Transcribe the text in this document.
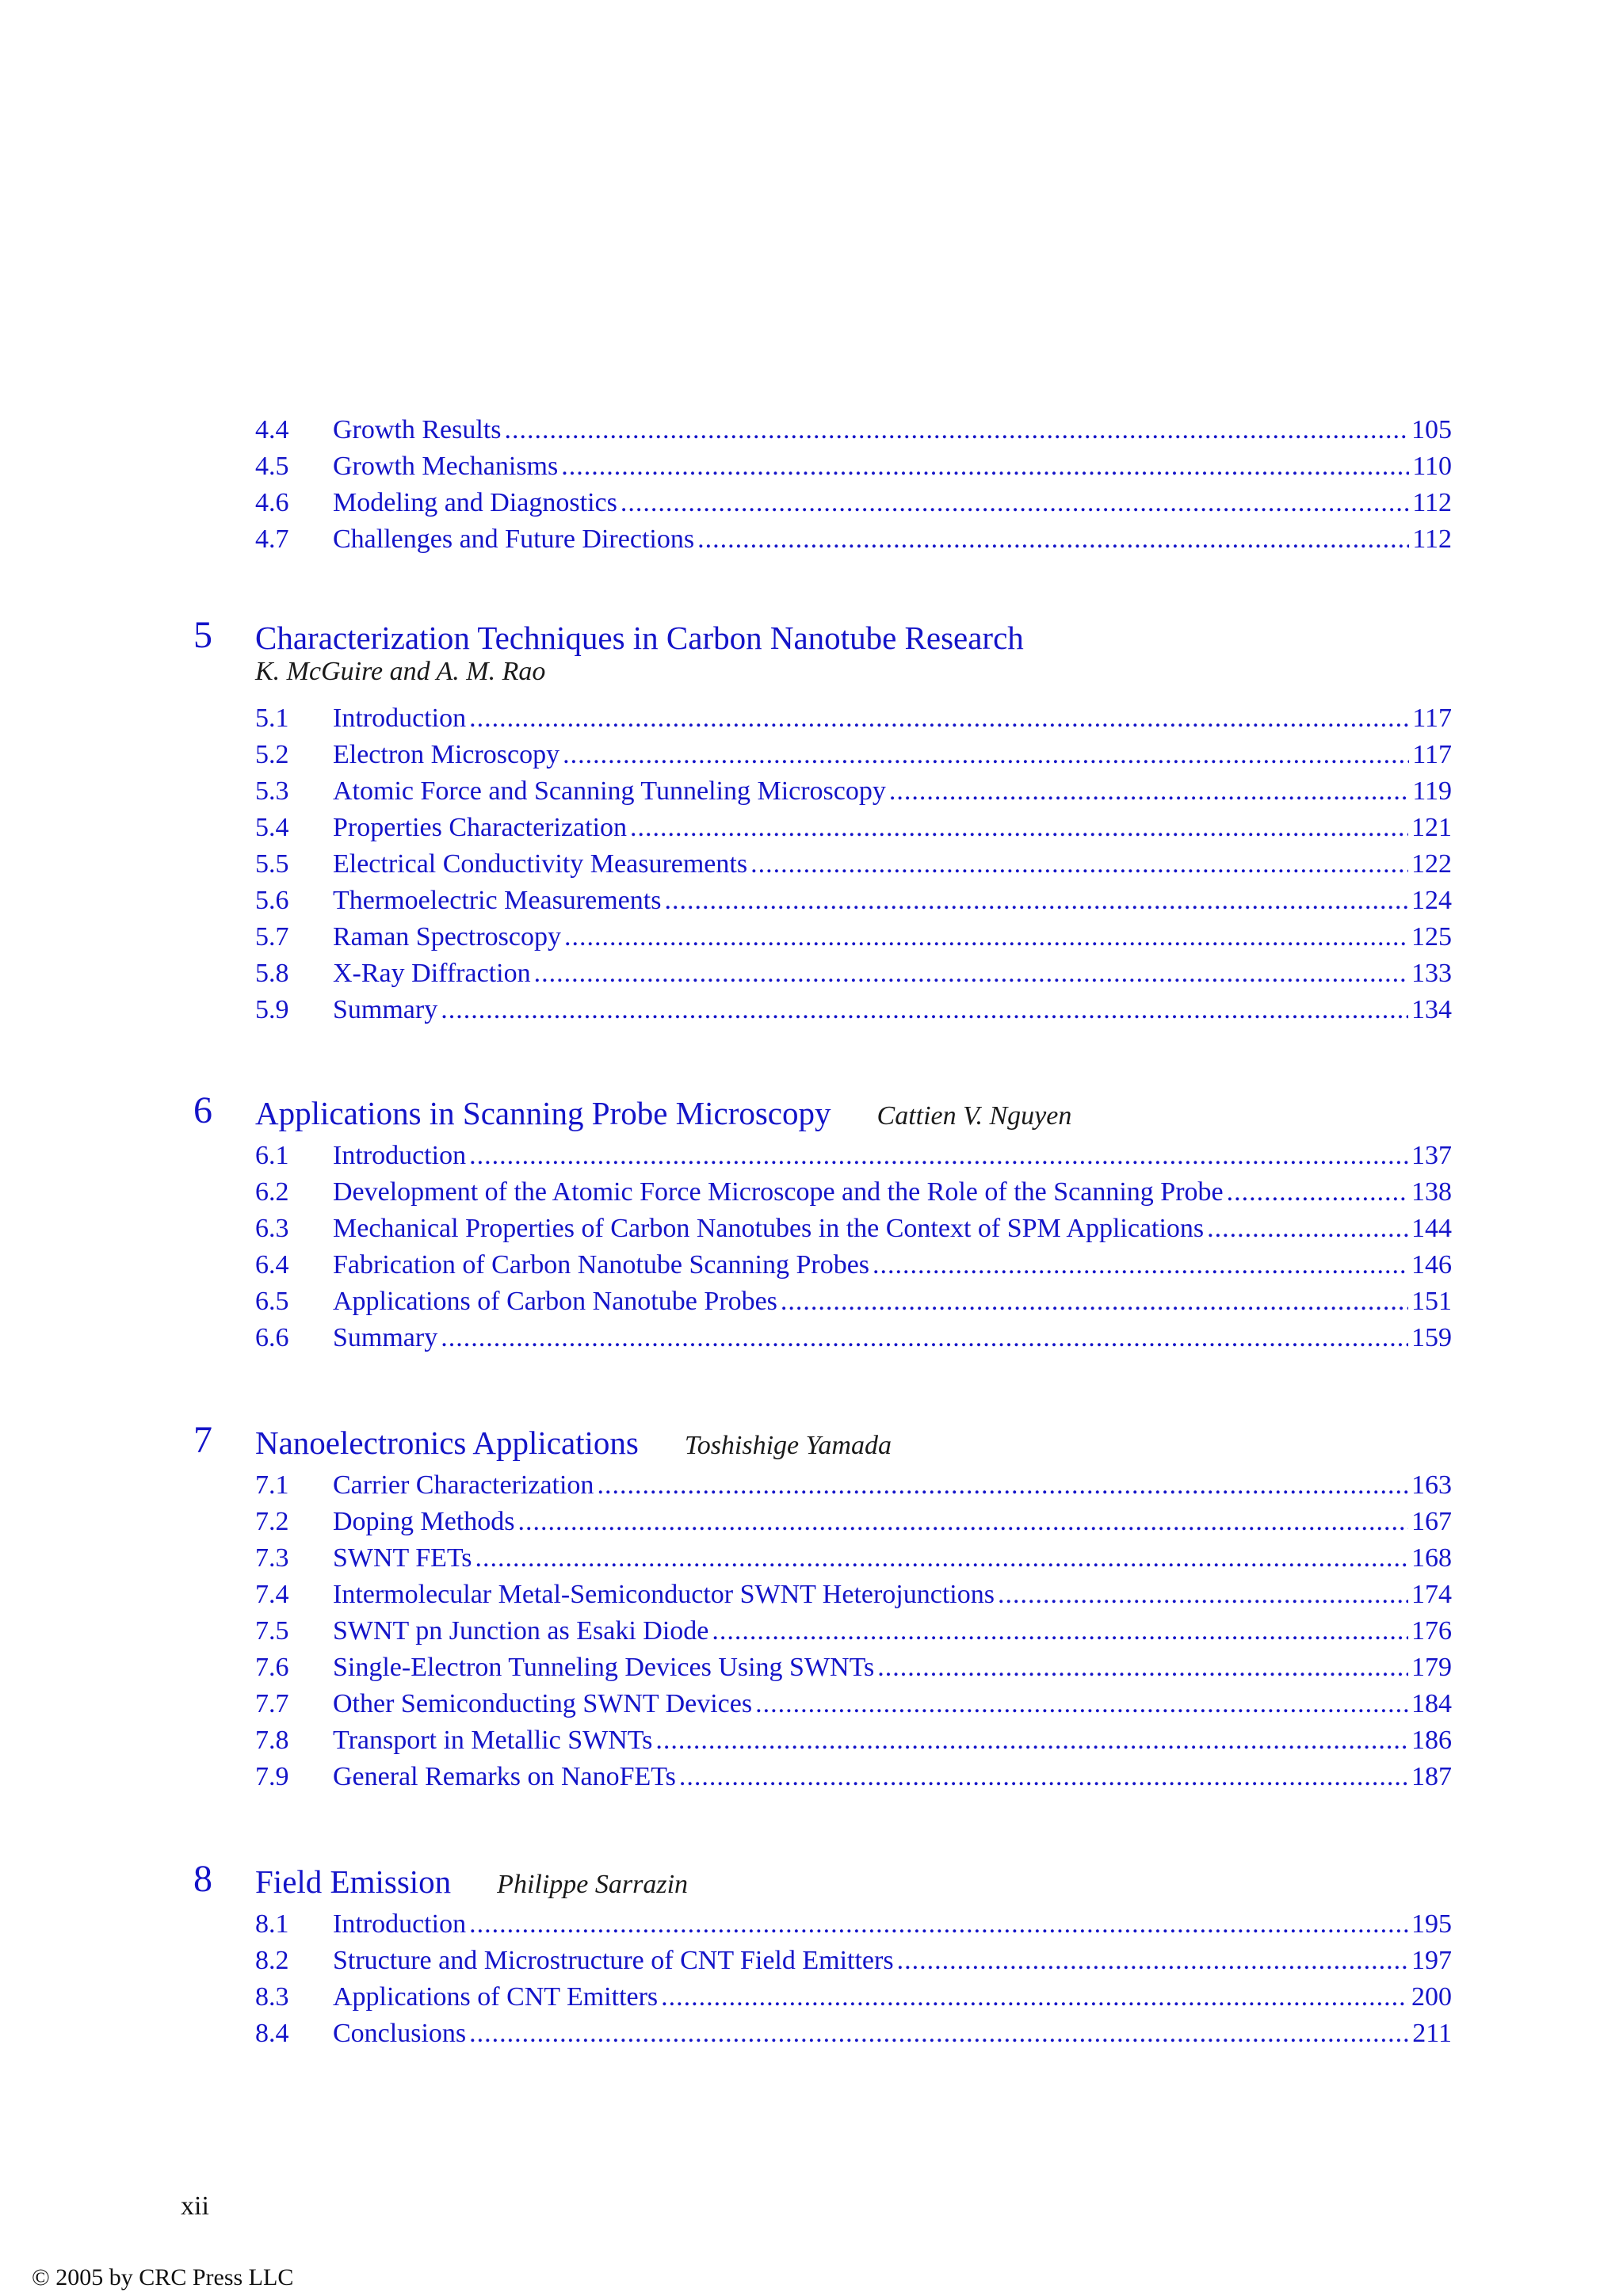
4.4	Growth Results .....	105
4.5	Growth Mechanisms .....	110
4.6	Modeling and Diagnostics .....	112
4.7	Challenges and Future Directions .....	112
5 Characterization Techniques in Carbon Nanotube Research
K. McGuire and A. M. Rao
5.1	Introduction .....	117
5.2	Electron Microscopy .....	117
5.3	Atomic Force and Scanning Tunneling Microscopy .....	119
5.4	Properties Characterization .....	121
5.5	Electrical Conductivity Measurements .....	122
5.6	Thermoelectric Measurements .....	124
5.7	Raman Spectroscopy .....	125
5.8	X-Ray Diffraction .....	133
5.9	Summary .....	134
6 Applications in Scanning Probe Microscopy Cattien V. Nguyen
6.1	Introduction .....	137
6.2	Development of the Atomic Force Microscope and the Role of the Scanning Probe .....	138
6.3	Mechanical Properties of Carbon Nanotubes in the Context of SPM Applications .....	144
6.4	Fabrication of Carbon Nanotube Scanning Probes .....	146
6.5	Applications of Carbon Nanotube Probes .....	151
6.6	Summary .....	159
7 Nanoelectronics Applications Toshishige Yamada
7.1	Carrier Characterization .....	163
7.2	Doping Methods .....	167
7.3	SWNT FETs .....	168
7.4	Intermolecular Metal-Semiconductor SWNT Heterojunctions .....	174
7.5	SWNT pn Junction as Esaki Diode .....	176
7.6	Single-Electron Tunneling Devices Using SWNTs .....	179
7.7	Other Semiconducting SWNT Devices .....	184
7.8	Transport in Metallic SWNTs .....	186
7.9	General Remarks on NanoFETs .....	187
8 Field Emission Philippe Sarrazin
8.1	Introduction .....	195
8.2	Structure and Microstructure of CNT Field Emitters .....	197
8.3	Applications of CNT Emitters .....	200
8.4	Conclusions .....	211
xii
© 2005 by CRC Press LLC
